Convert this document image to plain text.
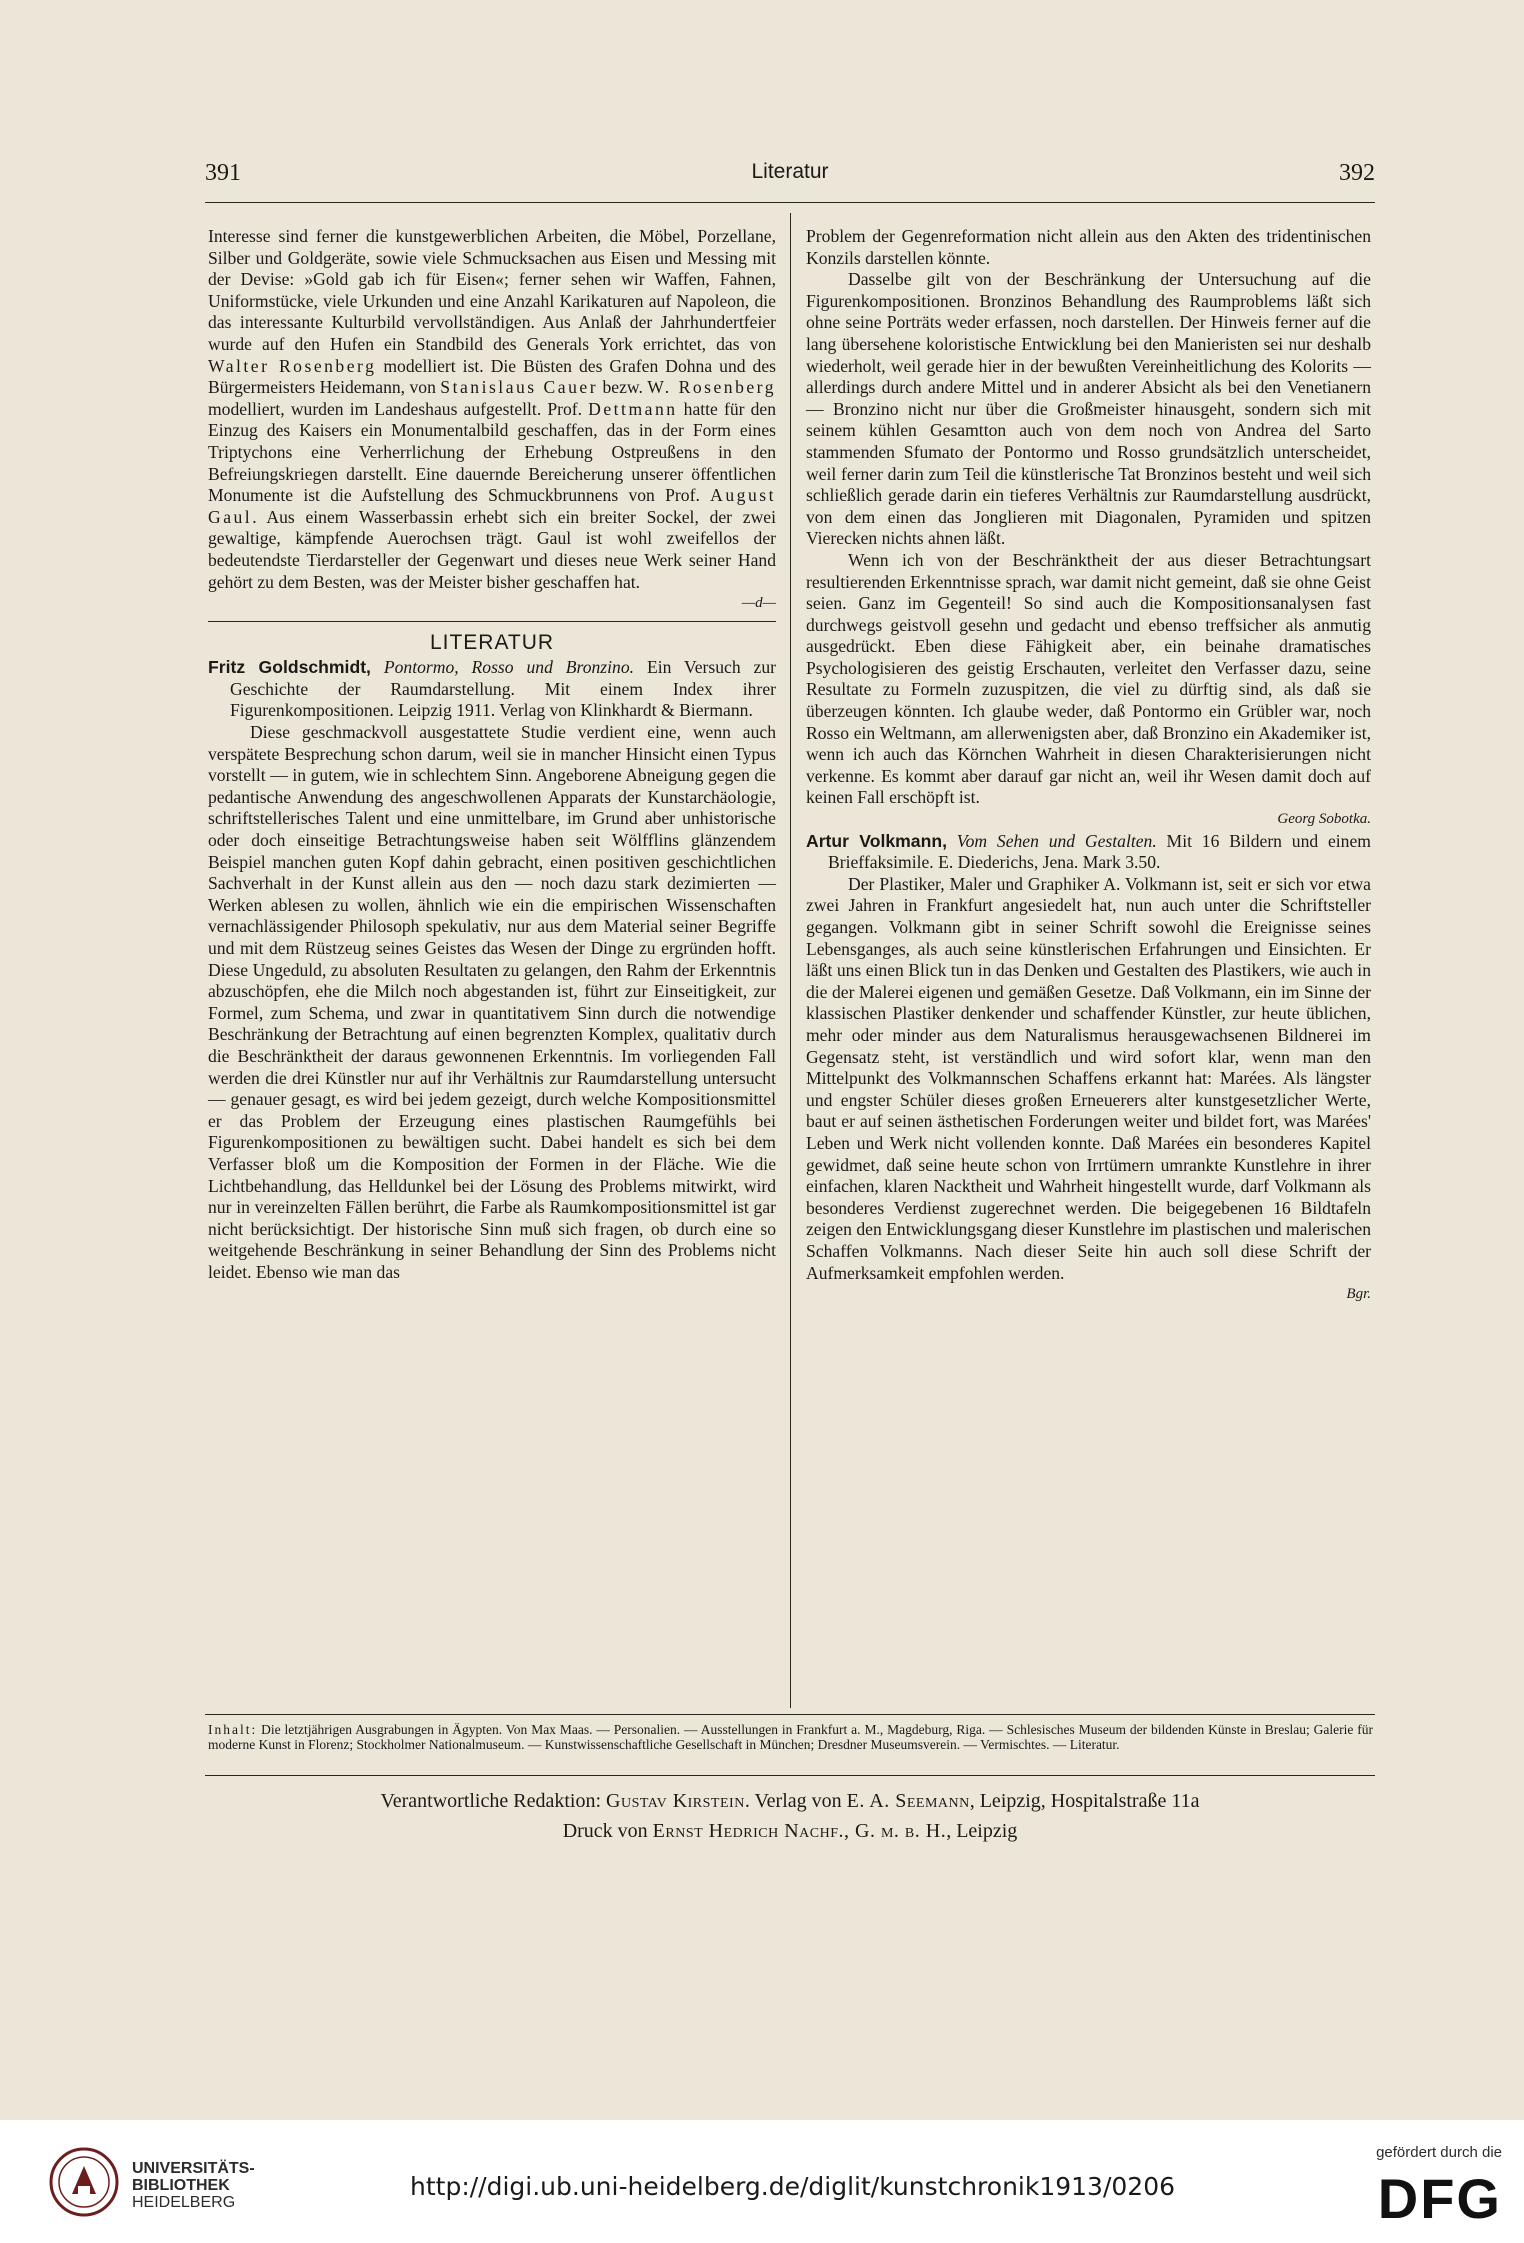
391	Literatur	392

Interesse sind ferner die kunstgewerblichen Arbeiten, die Möbel, Porzellane, Silber und Goldgeräte, sowie viele Schmucksachen aus Eisen und Messing mit der Devise: »Gold gab ich für Eisen«; ferner sehen wir Waffen, Fahnen, Uniformstücke, viele Urkunden und eine Anzahl Karikaturen auf Napoleon, die das interessante Kulturbild vervollständigen. Aus Anlaß der Jahrhundertfeier wurde auf den Hufen ein Standbild des Generals York errichtet, das von Walter Rosenberg modelliert ist. Die Büsten des Grafen Dohna und des Bürgermeisters Heidemann, von Stanislaus Cauer bezw. W. Rosenberg modelliert, wurden im Landeshaus aufgestellt. Prof. Dettmann hatte für den Einzug des Kaisers ein Monumentalbild geschaffen, das in der Form eines Triptychons eine Verherrlichung der Erhebung Ostpreußens in den Befreiungskriegen darstellt. Eine dauernde Bereicherung unserer öffentlichen Monumente ist die Aufstellung des Schmuckbrunnens von Prof. August Gaul. Aus einem Wasserbassin erhebt sich ein breiter Sockel, der zwei gewaltige, kämpfende Auerochsen trägt. Gaul ist wohl zweifellos der bedeutendste Tierdarsteller der Gegenwart und dieses neue Werk seiner Hand gehört zu dem Besten, was der Meister bisher geschaffen hat.

—d—

LITERATUR

Fritz Goldschmidt, Pontormo, Rosso und Bronzino. Ein Versuch zur Geschichte der Raumdarstellung. Mit einem Index ihrer Figurenkompositionen. Leipzig 1911. Verlag von Klinkhardt & Biermann.

Diese geschmackvoll ausgestattete Studie verdient eine, wenn auch verspätete Besprechung schon darum, weil sie in mancher Hinsicht einen Typus vorstellt — in gutem, wie in schlechtem Sinn. Angeborene Abneigung gegen die pedantische Anwendung des angeschwollenen Apparats der Kunstarchäologie, schriftstellerisches Talent und eine unmittelbare, im Grund aber unhistorische oder doch einseitige Betrachtungsweise haben seit Wölfflins glänzendem Beispiel manchen guten Kopf dahin gebracht, einen positiven geschichtlichen Sachverhalt in der Kunst allein aus den — noch dazu stark dezimierten — Werken ablesen zu wollen, ähnlich wie ein die empirischen Wissenschaften vernachlässigender Philosoph spekulativ, nur aus dem Material seiner Begriffe und mit dem Rüstzeug seines Geistes das Wesen der Dinge zu ergründen hofft. Diese Ungeduld, zu absoluten Resultaten zu gelangen, den Rahm der Erkenntnis abzuschöpfen, ehe die Milch noch abgestanden ist, führt zur Einseitigkeit, zur Formel, zum Schema, und zwar in quantitativem Sinn durch die notwendige Beschränkung der Betrachtung auf einen begrenzten Komplex, qualitativ durch die Beschränktheit der daraus gewonnenen Erkenntnis. Im vorliegenden Fall werden die drei Künstler nur auf ihr Verhältnis zur Raumdarstellung untersucht — genauer gesagt, es wird bei jedem gezeigt, durch welche Kompositionsmittel er das Problem der Erzeugung eines plastischen Raumgefühls bei Figurenkompositionen zu bewältigen sucht. Dabei handelt es sich bei dem Verfasser bloß um die Komposition der Formen in der Fläche. Wie die Lichtbehandlung, das Helldunkel bei der Lösung des Problems mitwirkt, wird nur in vereinzelten Fällen berührt, die Farbe als Raumkompositionsmittel ist gar nicht berücksichtigt. Der historische Sinn muß sich fragen, ob durch eine so weitgehende Beschränkung in seiner Behandlung der Sinn des Problems nicht leidet. Ebenso wie man das

Problem der Gegenreformation nicht allein aus den Akten des tridentinischen Konzils darstellen könnte.

Dasselbe gilt von der Beschränkung der Untersuchung auf die Figurenkompositionen. Bronzinos Behandlung des Raumproblems läßt sich ohne seine Porträts weder erfassen, noch darstellen. Der Hinweis ferner auf die lang übersehene koloristische Entwicklung bei den Manieristen sei nur deshalb wiederholt, weil gerade hier in der bewußten Vereinheitlichung des Kolorits — allerdings durch andere Mittel und in anderer Absicht als bei den Venetianern — Bronzino nicht nur über die Großmeister hinausgeht, sondern sich mit seinem kühlen Gesamtton auch von dem noch von Andrea del Sarto stammenden Sfumato der Pontormo und Rosso grundsätzlich unterscheidet, weil ferner darin zum Teil die künstlerische Tat Bronzinos besteht und weil sich schließlich gerade darin ein tieferes Verhältnis zur Raumdarstellung ausdrückt, von dem einen das Jonglieren mit Diagonalen, Pyramiden und spitzen Vierecken nichts ahnen läßt.

Wenn ich von der Beschränktheit der aus dieser Betrachtungsart resultierenden Erkenntnisse sprach, war damit nicht gemeint, daß sie ohne Geist seien. Ganz im Gegenteil! So sind auch die Kompositionsanalysen fast durchwegs geistvoll gesehn und gedacht und ebenso treffsicher als anmutig ausgedrückt. Eben diese Fähigkeit aber, ein beinahe dramatisches Psychologisieren des geistig Erschauten, verleitet den Verfasser dazu, seine Resultate zu Formeln zuzuspitzen, die viel zu dürftig sind, als daß sie überzeugen könnten. Ich glaube weder, daß Pontormo ein Grübler war, noch Rosso ein Weltmann, am allerwenigsten aber, daß Bronzino ein Akademiker ist, wenn ich auch das Körnchen Wahrheit in diesen Charakterisierungen nicht verkenne. Es kommt aber darauf gar nicht an, weil ihr Wesen damit doch auf keinen Fall erschöpft ist.

Georg Sobotka.

Artur Volkmann, Vom Sehen und Gestalten. Mit 16 Bildern und einem Brieffaksimile. E. Diederichs, Jena. Mark 3.50.

Der Plastiker, Maler und Graphiker A. Volkmann ist, seit er sich vor etwa zwei Jahren in Frankfurt angesiedelt hat, nun auch unter die Schriftsteller gegangen. Volkmann gibt in seiner Schrift sowohl die Ereignisse seines Lebensganges, als auch seine künstlerischen Erfahrungen und Einsichten. Er läßt uns einen Blick tun in das Denken und Gestalten des Plastikers, wie auch in die der Malerei eigenen und gemäßen Gesetze. Daß Volkmann, ein im Sinne der klassischen Plastiker denkender und schaffender Künstler, zur heute üblichen, mehr oder minder aus dem Naturalismus herausgewachsenen Bildnerei im Gegensatz steht, ist verständlich und wird sofort klar, wenn man den Mittelpunkt des Volkmannschen Schaffens erkannt hat: Marées. Als längster und engster Schüler dieses großen Erneuerers alter kunstgesetzlicher Werte, baut er auf seinen ästhetischen Forderungen weiter und bildet fort, was Marées' Leben und Werk nicht vollenden konnte. Daß Marées ein besonderes Kapitel gewidmet, daß seine heute schon von Irrtümern umrankte Kunstlehre in ihrer einfachen, klaren Nacktheit und Wahrheit hingestellt wurde, darf Volkmann als besonderes Verdienst zugerechnet werden. Die beigegebenen 16 Bildtafeln zeigen den Entwicklungsgang dieser Kunstlehre im plastischen und malerischen Schaffen Volkmanns. Nach dieser Seite hin auch soll diese Schrift der Aufmerksamkeit empfohlen werden.

Bgr.

Inhalt: Die letztjährigen Ausgrabungen in Ägypten. Von Max Maas. — Personalien. — Ausstellungen in Frankfurt a. M., Magdeburg, Riga. — Schlesisches Museum der bildenden Künste in Breslau; Galerie für moderne Kunst in Florenz; Stockholmer Nationalmuseum. — Kunstwissenschaftliche Gesellschaft in München; Dresdner Museumsverein. — Vermischtes. — Literatur.
Verantwortliche Redaktion: Gustav Kirstein. Verlag von E. A. Seemann, Leipzig, Hospitalstraße 11a
Druck von Ernst Hedrich Nachf., G. m. b. H., Leipzig
UNIVERSITÄTS-
BIBLIOTHEK
HEIDELBERG
http://digi.ub.uni-heidelberg.de/diglit/kunstchronik1913/0206
gefördert durch die
DFG
